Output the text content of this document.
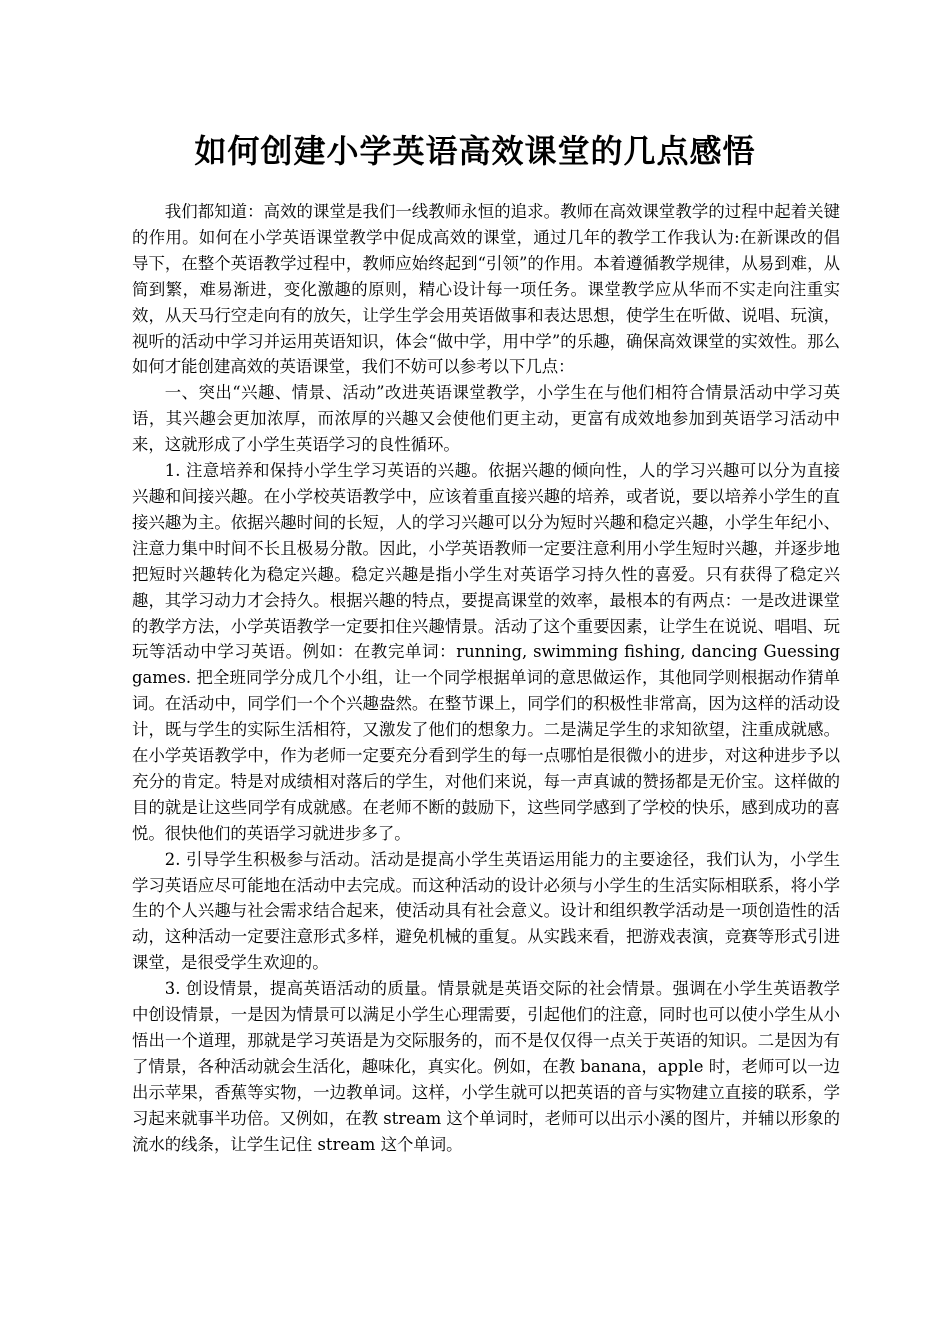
如何创建小学英语高效课堂的几点感悟

我们都知道：高效的课堂是我们一线教师永恒的追求。教师在高效课堂教学的过程中起着关键的作用。如何在小学英语课堂教学中促成高效的课堂，通过几年的教学工作我认为:在新课改的倡导下，在整个英语教学过程中，教师应始终起到“引领”的作用。本着遵循教学规律，从易到难，从简到繁，难易渐进，变化激趣的原则，精心设计每一项任务。课堂教学应从华而不实走向注重实效，从天马行空走向有的放矢，让学生学会用英语做事和表达思想，使学生在听做、说唱、玩演，视听的活动中学习并运用英语知识，体会“做中学，用中学”的乐趣，确保高效课堂的实效性。那么如何才能创建高效的英语课堂，我们不妨可以参考以下几点：

一、突出“兴趣、情景、活动”改进英语课堂教学，小学生在与他们相符合情景活动中学习英语，其兴趣会更加浓厚，而浓厚的兴趣又会使他们更主动，更富有成效地参加到英语学习活动中来，这就形成了小学生英语学习的良性循环。

1. 注意培养和保持小学生学习英语的兴趣。依据兴趣的倾向性，人的学习兴趣可以分为直接兴趣和间接兴趣。在小学校英语教学中，应该着重直接兴趣的培养，或者说，要以培养小学生的直接兴趣为主。依据兴趣时间的长短，人的学习兴趣可以分为短时兴趣和稳定兴趣，小学生年纪小、注意力集中时间不长且极易分散。因此，小学英语教师一定要注意利用小学生短时兴趣，并逐步地把短时兴趣转化为稳定兴趣。稳定兴趣是指小学生对英语学习持久性的喜爱。只有获得了稳定兴趣，其学习动力才会持久。根据兴趣的特点，要提高课堂的效率，最根本的有两点：一是改进课堂的教学方法，小学英语教学一定要扣住兴趣情景。活动了这个重要因素，让学生在说说、唱唱、玩玩等活动中学习英语。例如：在教完单词：running, swimming fishing, dancing Guessing games. 把全班同学分成几个小组，让一个同学根据单词的意思做运作，其他同学则根据动作猜单词。在活动中，同学们一个个兴趣盎然。在整节课上，同学们的积极性非常高，因为这样的活动设计，既与学生的实际生活相符，又激发了他们的想象力。二是满足学生的求知欲望，注重成就感。在小学英语教学中，作为老师一定要充分看到学生的每一点哪怕是很微小的进步，对这种进步予以充分的肯定。特是对成绩相对落后的学生，对他们来说，每一声真诚的赞扬都是无价宝。这样做的目的就是让这些同学有成就感。在老师不断的鼓励下，这些同学感到了学校的快乐，感到成功的喜悦。很快他们的英语学习就进步多了。

2. 引导学生积极参与活动。活动是提高小学生英语运用能力的主要途径，我们认为，小学生学习英语应尽可能地在活动中去完成。而这种活动的设计必须与小学生的生活实际相联系，将小学生的个人兴趣与社会需求结合起来，使活动具有社会意义。设计和组织教学活动是一项创造性的活动，这种活动一定要注意形式多样，避免机械的重复。从实践来看，把游戏表演，竞赛等形式引进课堂，是很受学生欢迎的。

3. 创设情景，提高英语活动的质量。情景就是英语交际的社会情景。强调在小学生英语教学中创设情景，一是因为情景可以满足小学生心理需要，引起他们的注意，同时也可以使小学生从小悟出一个道理，那就是学习英语是为交际服务的，而不是仅仅得一点关于英语的知识。二是因为有了情景，各种活动就会生活化，趣味化，真实化。例如，在教 banana，apple 时，老师可以一边出示苹果，香蕉等实物，一边教单词。这样，小学生就可以把英语的音与实物建立直接的联系，学习起来就事半功倍。又例如，在教 stream 这个单词时，老师可以出示小溪的图片，并辅以形象的流水的线条，让学生记住 stream 这个单词。
